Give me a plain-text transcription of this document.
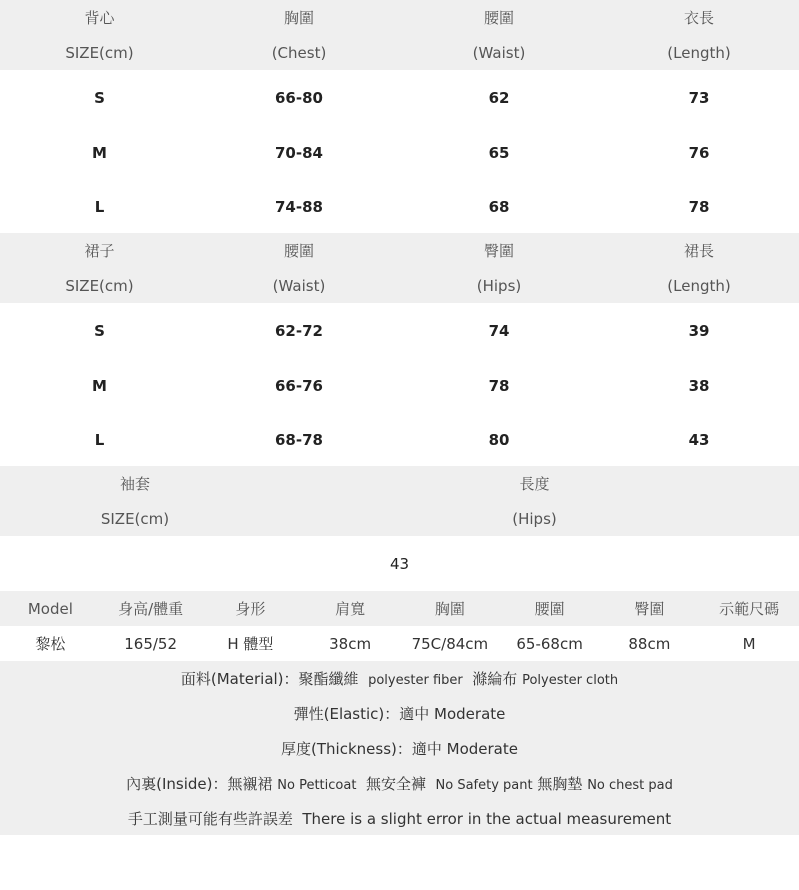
背心	胸圍	腰圍	衣長
SIZE(cm)	(Chest)	(Waist)	(Length)
S	66-80	62	73
M	70-84	65	76
L	74-88	68	78
裙子	腰圍	臀圍	裙長
SIZE(cm)	(Waist)	(Hips)	(Length)
S	62-72	74	39
M	66-76	78	38
L	68-78	80	43
袖套	長度
SIZE(cm)	(Hips)
43
Model	身高/體重	身形	肩寬	胸圍	腰圍	臀圍	示範尺碼
黎松	165/52	H 體型	38cm	75C/84cm	65-68cm	88cm	M
面料(Material)：聚酯纖維 polyester fiber 滌綸布 Polyester cloth
彈性(Elastic)：適中 Moderate
厚度(Thickness)：適中 Moderate
內裏(Inside)：無襯裙 No Petticoat 無安全褲 No Safety pant 無胸墊 No chest pad
手工測量可能有些許誤差  There is a slight error in the actual measurement
